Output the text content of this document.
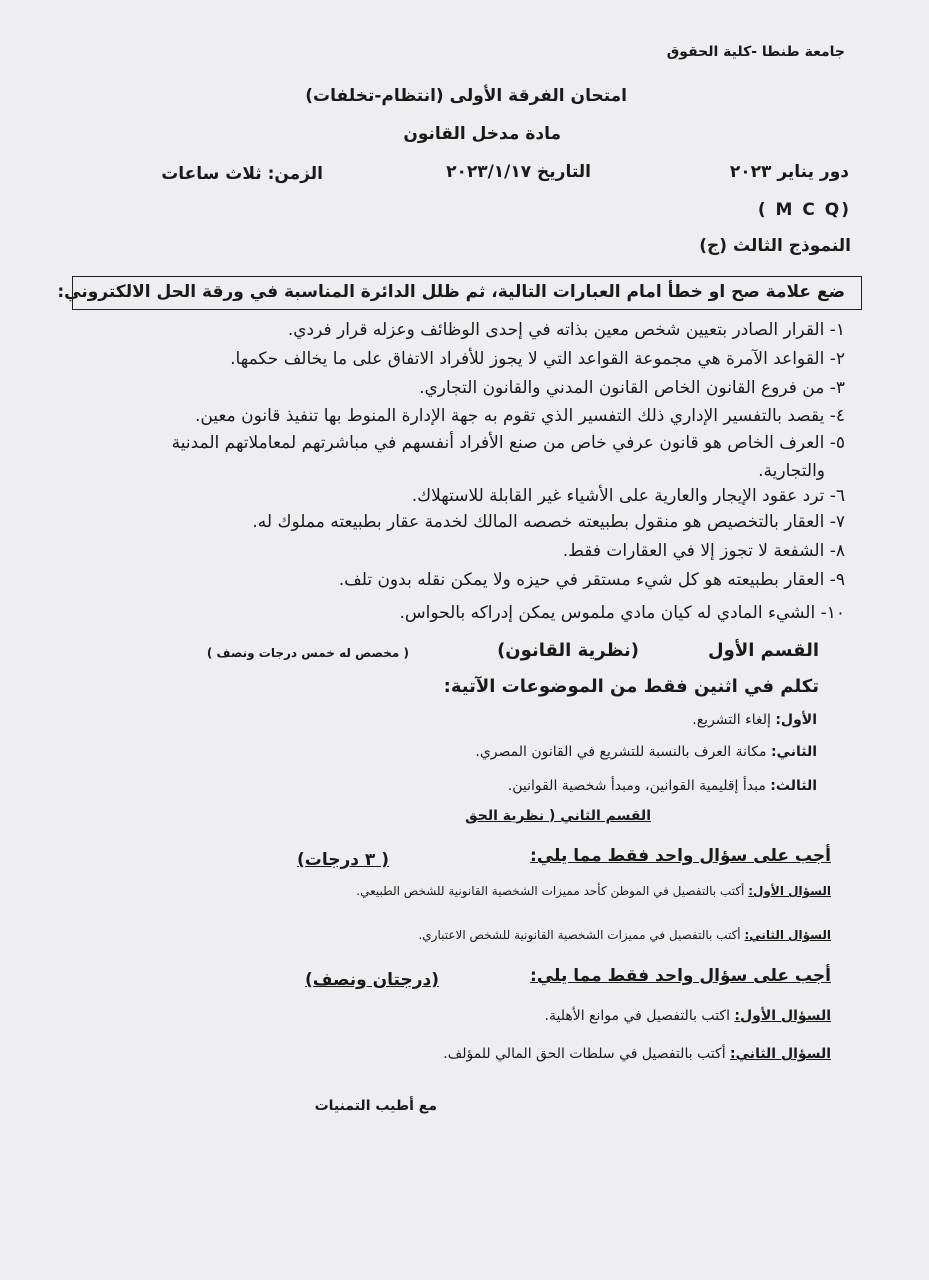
جامعة طنطا -كلية الحقوق
امتحان الفرقة الأولى (انتظام-تخلفات)
مادة مدخل القانون
دور يناير ٢٠٢٣
التاريخ ٢٠٢٣/١/١٧
الزمن: ثلاث ساعات
( M C Q)
النموذج الثالث (ج)
ضع علامة صح او خطأ امام العبارات التالية، ثم ظلل الدائرة المناسبة في ورقة الحل الالكتروني:
١- القرار الصادر بتعيين شخص معين بذاته في إحدى الوظائف وعزله قرار فردي.
٢- القواعد الآمرة هي مجموعة القواعد التي لا يجوز للأفراد الاتفاق على ما يخالف حكمها.
٣- من فروع القانون الخاص القانون المدني والقانون التجاري.
٤- يقصد بالتفسير الإداري ذلك التفسير الذي تقوم به جهة الإدارة المنوط بها تنفيذ قانون معين.
٥- العرف الخاص هو قانون عرفي خاص من صنع الأفراد أنفسهم في مباشرتهم لمعاملاتهم المدنية
والتجارية.
٦- ترد عقود الإيجار والعارية على الأشياء غير القابلة للاستهلاك.
٧- العقار بالتخصيص هو منقول بطبيعته خصصه المالك لخدمة عقار بطبيعته مملوك له.
٨- الشفعة لا تجوز إلا في العقارات فقط.
٩- العقار بطبيعته هو كل شيء مستقر في حيزه ولا يمكن نقله بدون تلف.
١٠- الشيء المادي له كيان مادي ملموس يمكن إدراكه بالحواس.
القسم الأول
(نظرية القانون)
( مخصص له خمس درجات ونصف )
تكلم في اثنين فقط من الموضوعات الآتية:
الأول: إلغاء التشريع.
الثاني: مكانة العرف بالنسبة للتشريع في القانون المصري.
الثالث: مبدأ إقليمية القوانين، ومبدأ شخصية القوانين.
القسم الثاني ( نظرية الحق
أجب على سؤال واحد فقط مما يلي:
( ٣ درجات)
السؤال الأول: أكتب بالتفصيل في الموطن كأحد مميزات الشخصية القانونية للشخص الطبيعي.
السؤال الثاني: أكتب بالتفصيل في مميزات الشخصية القانونية للشخص الاعتباري.
أجب على سؤال واحد فقط مما يلي:
(درجتان ونصف)
السؤال الأول: اكتب بالتفصيل في موانع الأهلية.
السؤال الثاني: أكتب بالتفصيل في سلطات الحق المالي للمؤلف.
مع أطيب التمنيات
